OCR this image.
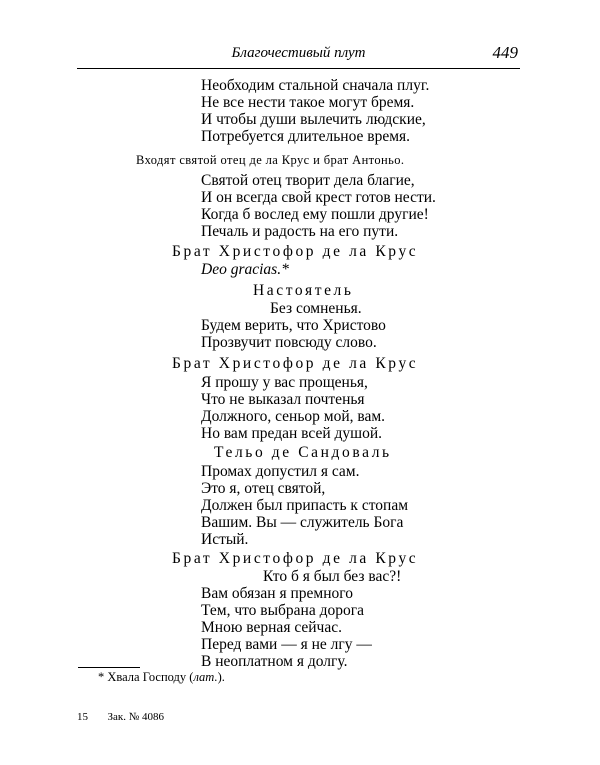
Благочестивый плут	449
Необходим стальной сначала плуг.
Не все нести такое могут бремя.
И чтобы души вылечить людские,
Потребуется длительное время.
Входят святой отец де ла Крус и брат Антоньо.
Святой отец творит дела благие,
И он всегда свой крест готов нести.
Когда б вослед ему пошли другие!
Печаль и радость на его пути.
Брат Христофор де ла Крус
Deo gracias.*
Настоятель
Без сомненья.
Будем верить, что Христово
Прозвучит повсюду слово.
Брат Христофор де ла Крус
Я прошу у вас прощенья,
Что не выказал почтенья
Должного, сеньор мой, вам.
Но вам предан всей душой.
Тельо де Сандоваль
Промах допустил я сам.
Это я, отец святой,
Должен был припасть к стопам
Вашим. Вы — служитель Бога
Истый.
Брат Христофор де ла Крус
Кто б я был без вас?!
Вам обязан я премного
Тем, что выбрана дорога
Мною верная сейчас.
Перед вами — я не лгу —
В неоплатном я долгу.
* Хвала Господу (лат.).
15 Зак. № 4086
